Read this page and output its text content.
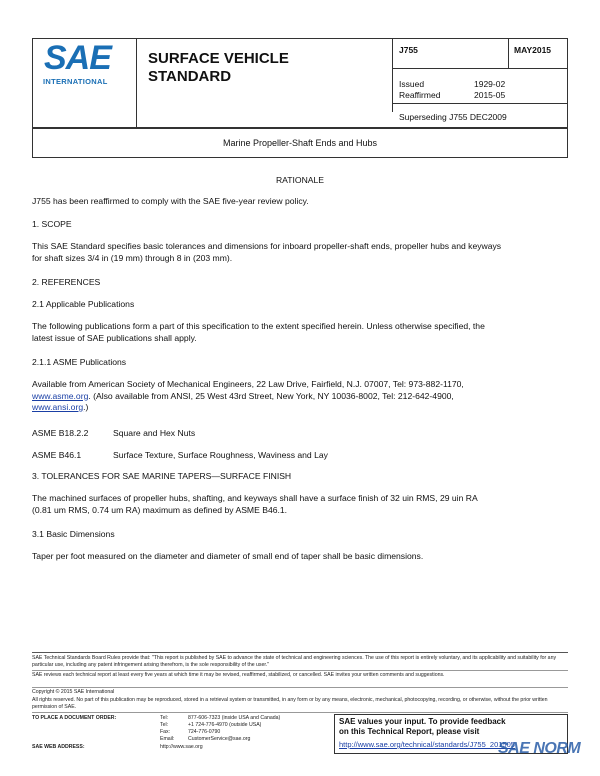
SAE
INTERNATIONAL
SURFACE VEHICLE
STANDARD
J755	MAY2015
Issued	1929-02
Reaffirmed	2015-05
Superseding J755 DEC2009
Marine Propeller-Shaft Ends and Hubs
RATIONALE
J755 has been reaffirmed to comply with the SAE five-year review policy.
1. SCOPE
This SAE Standard specifies basic tolerances and dimensions for inboard propeller-shaft ends, propeller hubs and keyways
for shaft sizes 3/4 in (19 mm) through 8 in (203 mm).
2. REFERENCES
2.1 Applicable Publications
The following publications form a part of this specification to the extent specified herein. Unless otherwise specified, the
latest issue of SAE publications shall apply.
2.1.1 ASME Publications
Available from American Society of Mechanical Engineers, 22 Law Drive, Fairfield, N.J. 07007, Tel: 973-882-1170,
www.asme.org. (Also available from ANSI, 25 West 43rd Street, New York, NY 10036-8002, Tel: 212-642-4900,
www.ansi.org.)
ASME B18.2.2	Square and Hex Nuts
ASME B46.1	Surface Texture, Surface Roughness, Waviness and Lay
3. TOLERANCES FOR SAE MARINE TAPERS—SURFACE FINISH
The machined surfaces of propeller hubs, shafting, and keyways shall have a surface finish of 32 uin RMS, 29 uin RA
(0.81 um RMS, 0.74 um RA) maximum as defined by ASME B46.1.
3.1 Basic Dimensions
Taper per foot measured on the diameter and diameter of small end of taper shall be basic dimensions.
SAE Technical Standards Board Rules provide that: "This report is published by SAE to advance the state of technical and engineering sciences. The use of this report is entirely voluntary, and its applicability and suitability for any particular use, including any patent infringement arising therefrom, is the sole responsibility of the user."
SAE reviews each technical report at least every five years at which time it may be revised, reaffirmed, stabilized, or cancelled. SAE invites your written comments and suggestions.
Copyright © 2015 SAE International
All rights reserved. No part of this publication may be reproduced, stored in a retrieval system or transmitted, in any form or by any means, electronic, mechanical, photocopying, recording, or otherwise, without the prior written permission of SAE.
TO PLACE A DOCUMENT ORDER:	Tel:	877-606-7323 (inside USA and Canada)
Tel:	+1 724-776-4970 (outside USA)
Fax:	724-776-0790
Email:	CustomerService@sae.org
SAE WEB ADDRESS:	http://www.sae.org
SAE values your input. To provide feedback
on this Technical Report, please visit
http://www.sae.org/technical/standards/J755_201505
SAE NORM
